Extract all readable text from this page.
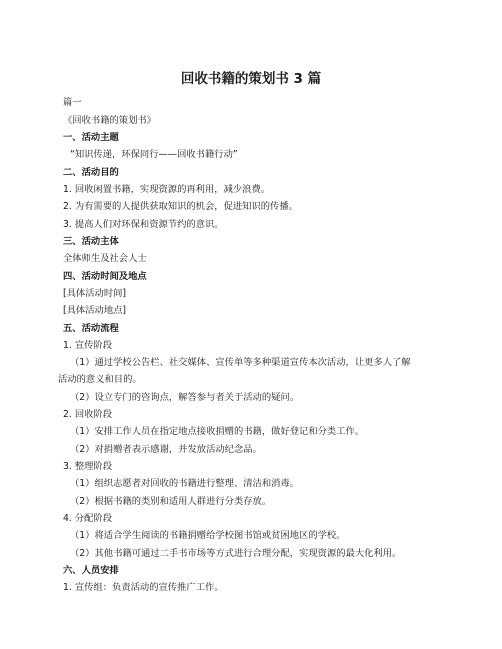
回收书籍的策划书 3 篇
篇一
《回收书籍的策划书》
一、活动主题
“知识传递，环保同行——回收书籍行动”
二、活动目的
1. 回收闲置书籍，实现资源的再利用，减少浪费。
2. 为有需要的人提供获取知识的机会，促进知识的传播。
3. 提高人们对环保和资源节约的意识。
三、活动主体
全体师生及社会人士
四、活动时间及地点
[具体活动时间]
[具体活动地点]
五、活动流程
1. 宣传阶段
（1）通过学校公告栏、社交媒体、宣传单等多种渠道宣传本次活动，让更多人了解
活动的意义和目的。
（2）设立专门的咨询点，解答参与者关于活动的疑问。
2. 回收阶段
（1）安排工作人员在指定地点接收捐赠的书籍，做好登记和分类工作。
（2）对捐赠者表示感谢，并发放活动纪念品。
3. 整理阶段
（1）组织志愿者对回收的书籍进行整理、清洁和消毒。
（2）根据书籍的类别和适用人群进行分类存放。
4. 分配阶段
（1）将适合学生阅读的书籍捐赠给学校图书馆或贫困地区的学校。
（2）其他书籍可通过二手书市场等方式进行合理分配，实现资源的最大化利用。
六、人员安排
1. 宣传组：负责活动的宣传推广工作。
